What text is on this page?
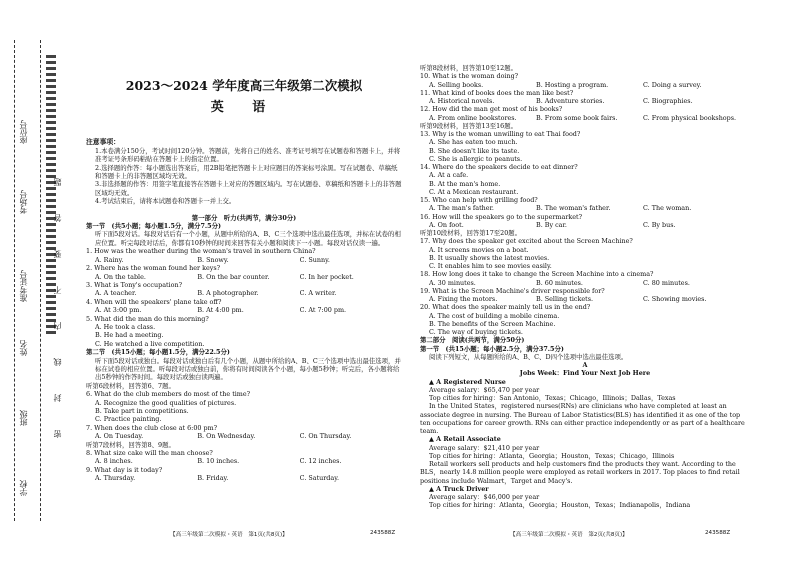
学校
班级
姓名
准考证号
考场号
座位号
密封线内不要答题
2023～2024 学年度高三年级第二次模拟
英 语
注意事项：
1.本卷满分150分，考试时间120分钟。答题前，先将自己的姓名、准考证号填写在试题卷和答题卡上，并将准考证号条形码粘贴在答题卡上的指定位置。
2.选择题的作答：每小题选出答案后，用2B铅笔把答题卡上对应题目的答案标号涂黑。写在试题卷、草稿纸和答题卡上的非答题区域均无效。
3.非选择题的作答：用签字笔直接答在答题卡上对应的答题区域内。写在试题卷、草稿纸和答题卡上的非答题区域均无效。
4.考试结束后，请将本试题卷和答题卡一并上交。
第一部分　听力(共两节，满分30分)
第一节　(共5小题；每小题1.5分，满分7.5分)
听下面5段对话。每段对话后有一个小题，从题中所给的A、B、C三个选项中选出最佳选项，并标在试卷的相应位置。听完每段对话后，你都有10秒钟的时间来回答有关小题和阅读下一小题。每段对话仅读一遍。
1. How was the weather during the woman's travel in southern China?
A. Rainy.	B. Snowy.	C. Sunny.
2. Where has the woman found her keys?
A. On the table.	B. On the bar counter.	C. In her pocket.
3. What is Tony's occupation?
A. A teacher.	B. A photographer.	C. A writer.
4. When will the speakers' plane take off?
A. At 3:00 pm.	B. At 4:00 pm.	C. At 7:00 pm.
5. What did the man do this morning?
A. He took a class.
B. He had a meeting.
C. He watched a live competition.
第二节　(共15小题；每小题1.5分，满分22.5分)
听下面5段对话或独白。每段对话或独白后有几个小题，从题中所给的A、B、C三个选项中选出最佳选项，并标在试卷的相应位置。听每段对话或独白前，你将有时间阅读各个小题，每小题5秒钟；听完后，各小题将给出5秒钟的作答时间。每段对话或独白读两遍。
听第6段材料，回答第6、7题。
6. What do the club members do most of the time?
A. Recognize the good qualities of pictures.
B. Take part in competitions.
C. Practice painting.
7. When does the club close at 6:00 pm?
A. On Tuesday.	B. On Wednesday.	C. On Thursday.
听第7段材料，回答第8、9题。
8. What size cake will the man choose?
A. 8 inches.	B. 10 inches.	C. 12 inches.
9. What day is it today?
A. Thursday.	B. Friday.	C. Saturday.
【高三年级第二次模拟・英语　第1页(共8页)】	243588Z
听第8段材料，回答第10至12题。
10. What is the woman doing?
A. Selling books.	B. Hosting a program.	C. Doing a survey.
11. What kind of books does the man like best?
A. Historical novels.	B. Adventure stories.	C. Biographies.
12. How did the man get most of his books?
A. From online bookstores.	B. From some book fairs.	C. From physical bookshops.
听第9段材料，回答第13至16题。
13. Why is the woman unwilling to eat Thai food?
A. She has eaten too much.
B. She doesn't like its taste.
C. She is allergic to peanuts.
14. Where do the speakers decide to eat dinner?
A. At a cafe.
B. At the man's home.
C. At a Mexican restaurant.
15. Who can help with grilling food?
A. The man's father.	B. The woman's father.	C. The woman.
16. How will the speakers go to the supermarket?
A. On foot.	B. By car.	C. By bus.
听第10段材料，回答第17至20题。
17. Why does the speaker get excited about the Screen Machine?
A. It screens movies on a boat.
B. It usually shows the latest movies.
C. It enables him to see movies easily.
18. How long does it take to change the Screen Machine into a cinema?
A. 30 minutes.	B. 60 minutes.	C. 80 minutes.
19. What is the Screen Machine's driver responsible for?
A. Fixing the motors.	B. Selling tickets.	C. Showing movies.
20. What does the speaker mainly tell us in the end?
A. The cost of building a mobile cinema.
B. The benefits of the Screen Machine.
C. The way of buying tickets.
第二部分　阅读(共两节，满分50分)
第一节　(共15小题；每小题2.5分，满分37.5分)
阅读下列短文，从每题所给的A、B、C、D四个选项中选出最佳选项。
A
Jobs Week：Find Your Next Job Here
▲ A Registered Nurse
Average salary：$65,470 per year
Top cities for hiring：San Antonio，Texas；Chicago，Illinois；Dallas，Texas
In the United States，registered nurses(RNs) are clinicians who have completed at least an associate degree in nursing. The Bureau of Labor Statistics(BLS) has identified it as one of the top ten occupations for career growth. RNs can either practice independently or as part of a healthcare team.
▲ A Retail Associate
Average salary：$21,410 per year
Top cities for hiring：Atlanta，Georgia；Houston，Texas；Chicago，Illinois
Retail workers sell products and help customers find the products they want. According to the BLS，nearly 14.8 million people were employed as retail workers in 2017. Top places to find retail positions include Walmart，Target and Macy's.
▲ A Truck Driver
Average salary：$46,000 per year
Top cities for hiring：Atlanta，Georgia；Houston，Texas；Indianapolis，Indiana
【高三年级第二次模拟・英语　第2页(共8页)】	243588Z
